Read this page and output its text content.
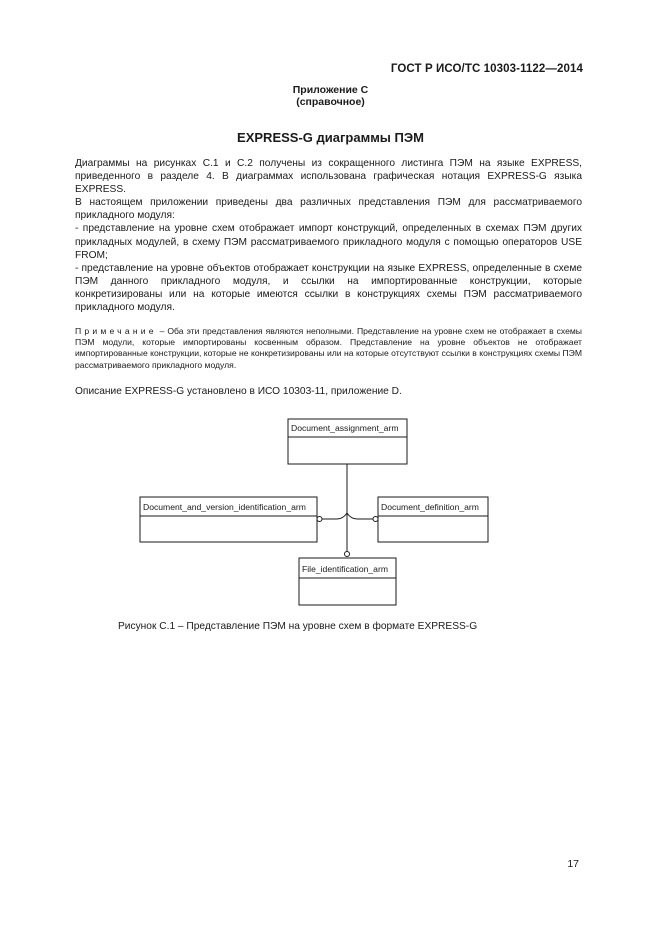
ГОСТ Р ИСО/ТС 10303-1122—2014
Приложение С
(справочное)
EXPRESS-G диаграммы ПЭМ

Диаграммы на рисунках С.1 и С.2 получены из сокращенного листинга ПЭМ на языке EXPRESS, приведенного в разделе 4. В диаграммах использована графическая нотация EXPRESS-G языка EXPRESS.

В настоящем приложении приведены два различных представления ПЭМ для рассматриваемого прикладного модуля:

- представление на уровне схем отображает импорт конструкций, определенных в схемах ПЭМ других прикладных модулей, в схему ПЭМ рассматриваемого прикладного модуля с помощью операторов USE FROM;

- представление на уровне объектов отображает конструкции на языке EXPRESS, определенные в схеме ПЭМ данного прикладного модуля, и ссылки на импортированные конструкции, которые конкретизированы или на которые имеются ссылки в конструкциях схемы ПЭМ рассматриваемого прикладного модуля.

Примечание – Оба эти представления являются неполными. Представление на уровне схем не отображает в схемы ПЭМ модули, которые импортированы косвенным образом. Представление на уровне объектов не отображает импортированные конструкции, которые не конкретизированы или на которые отсутствуют ссылки в конструкциях схемы ПЭМ рассматриваемого прикладного модуля.
Описание EXPRESS-G установлено в ИСО 10303-11, приложение D.
Document_assignment_arm
Document_and_version_identification_arm	Document_definition_arm
File_identification_arm
Рисунок С.1 – Представление ПЭМ на уровне схем в формате EXPRESS-G
17
